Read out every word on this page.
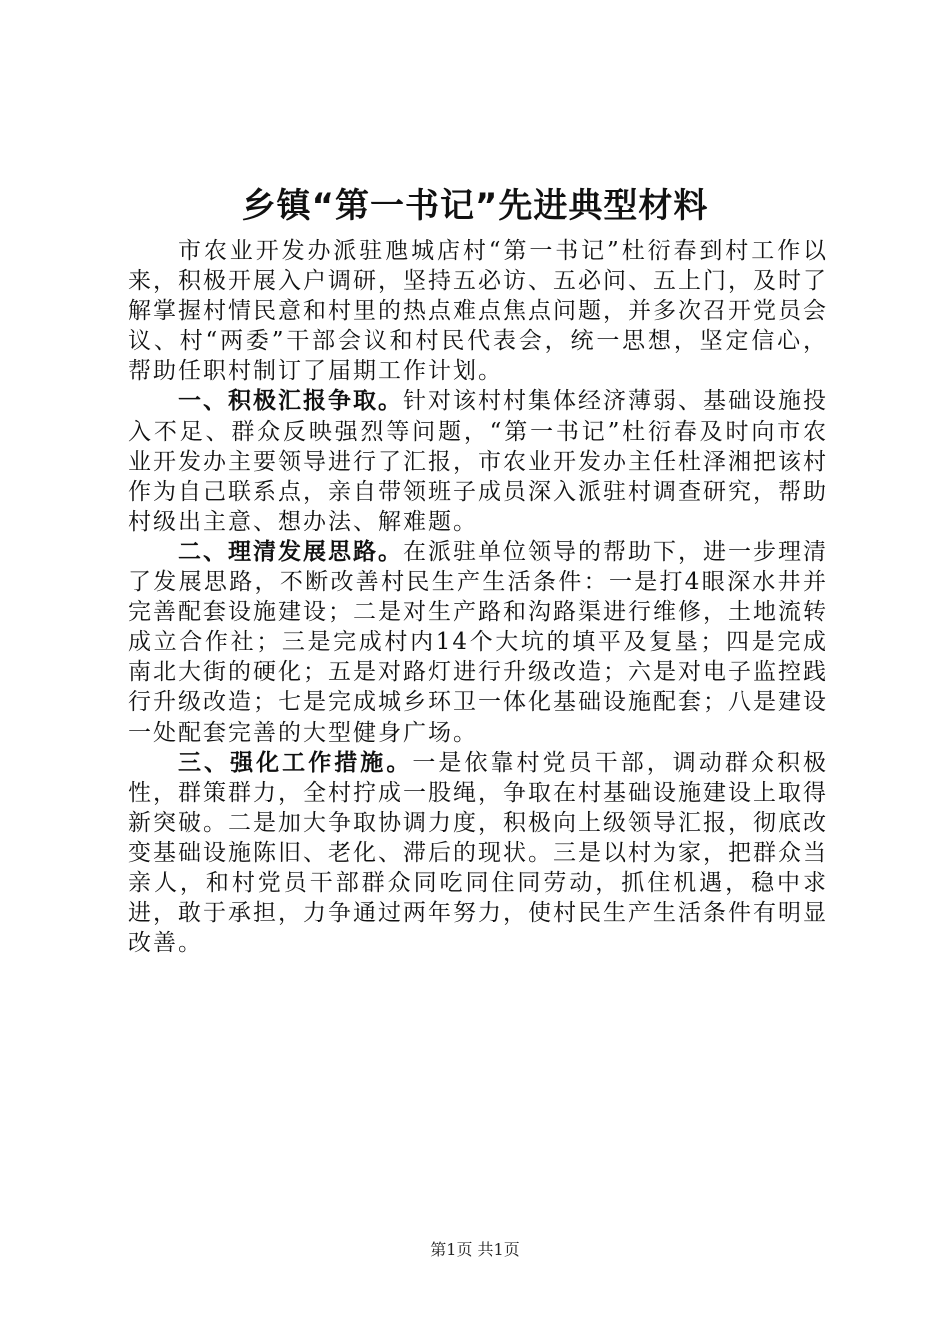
乡镇“第一书记”先进典型材料

市农业开发办派驻虺城店村“第一书记”杜衍春到村工作以来，积极开展入户调研，坚持五必访、五必问、五上门，及时了解掌握村情民意和村里的热点难点焦点问题，并多次召开党员会议、村“两委”干部会议和村民代表会，统一思想，坚定信心，帮助任职村制订了届期工作计划。

一、积极汇报争取。针对该村村集体经济薄弱、基础设施投入不足、群众反映强烈等问题，“第一书记”杜衍春及时向市农业开发办主要领导进行了汇报，市农业开发办主任杜泽湘把该村作为自己联系点，亲自带领班子成员深入派驻村调查研究，帮助村级出主意、想办法、解难题。

二、理清发展思路。在派驻单位领导的帮助下，进一步理清了发展思路，不断改善村民生产生活条件：一是打4眼深水井并完善配套设施建设；二是对生产路和沟路渠进行维修，土地流转成立合作社；三是完成村内14个大坑的填平及复垦；四是完成南北大街的硬化；五是对路灯进行升级改造；六是对电子监控践行升级改造；七是完成城乡环卫一体化基础设施配套；八是建设一处配套完善的大型健身广场。

三、强化工作措施。一是依靠村党员干部，调动群众积极性，群策群力，全村拧成一股绳，争取在村基础设施建设上取得新突破。二是加大争取协调力度，积极向上级领导汇报，彻底改变基础设施陈旧、老化、滞后的现状。三是以村为家，把群众当亲人，和村党员干部群众同吃同住同劳动，抓住机遇，稳中求进，敢于承担，力争通过两年努力，使村民生产生活条件有明显改善。

第1页 共1页
